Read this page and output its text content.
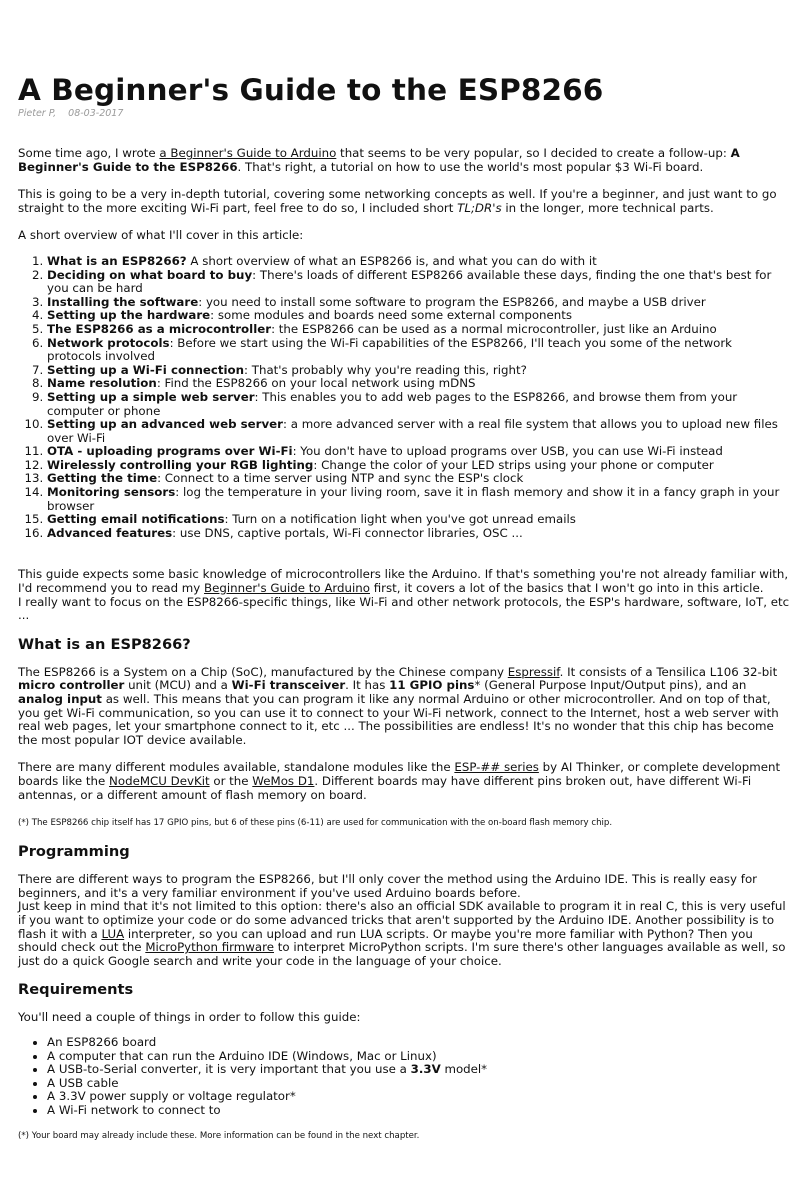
A Beginner's Guide to the ESP8266
Pieter P, 08-03-2017

Some time ago, I wrote a Beginner's Guide to Arduino that seems to be very popular, so I decided to create a follow-up: A Beginner's Guide to the ESP8266. That's right, a tutorial on how to use the world's most popular $3 Wi-Fi board.

This is going to be a very in-depth tutorial, covering some networking concepts as well. If you're a beginner, and just want to go straight to the more exciting Wi-Fi part, feel free to do so, I included short TL;DR's in the longer, more technical parts.

A short overview of what I'll cover in this article:

1. What is an ESP8266? A short overview of what an ESP8266 is, and what you can do with it
2. Deciding on what board to buy: There's loads of different ESP8266 available these days, finding the one that's best for you can be hard
3. Installing the software: you need to install some software to program the ESP8266, and maybe a USB driver
4. Setting up the hardware: some modules and boards need some external components
5. The ESP8266 as a microcontroller: the ESP8266 can be used as a normal microcontroller, just like an Arduino
6. Network protocols: Before we start using the Wi-Fi capabilities of the ESP8266, I'll teach you some of the network protocols involved
7. Setting up a Wi-Fi connection: That's probably why you're reading this, right?
8. Name resolution: Find the ESP8266 on your local network using mDNS
9. Setting up a simple web server: This enables you to add web pages to the ESP8266, and browse them from your computer or phone
10. Setting up an advanced web server: a more advanced server with a real file system that allows you to upload new files over Wi-Fi
11. OTA - uploading programs over Wi-Fi: You don't have to upload programs over USB, you can use Wi-Fi instead
12. Wirelessly controlling your RGB lighting: Change the color of your LED strips using your phone or computer
13. Getting the time: Connect to a time server using NTP and sync the ESP's clock
14. Monitoring sensors: log the temperature in your living room, save it in flash memory and show it in a fancy graph in your browser
15. Getting email notifications: Turn on a notification light when you've got unread emails
16. Advanced features: use DNS, captive portals, Wi-Fi connector libraries, OSC ...

This guide expects some basic knowledge of microcontrollers like the Arduino. If that's something you're not already familiar with, I'd recommend you to read my Beginner's Guide to Arduino first, it covers a lot of the basics that I won't go into in this article.
I really want to focus on the ESP8266-specific things, like Wi-Fi and other network protocols, the ESP's hardware, software, IoT, etc ...

What is an ESP8266?

The ESP8266 is a System on a Chip (SoC), manufactured by the Chinese company Espressif. It consists of a Tensilica L106 32-bit micro controller unit (MCU) and a Wi-Fi transceiver. It has 11 GPIO pins* (General Purpose Input/Output pins), and an analog input as well. This means that you can program it like any normal Arduino or other microcontroller. And on top of that, you get Wi-Fi communication, so you can use it to connect to your Wi-Fi network, connect to the Internet, host a web server with real web pages, let your smartphone connect to it, etc ... The possibilities are endless! It's no wonder that this chip has become the most popular IOT device available.

There are many different modules available, standalone modules like the ESP-## series by AI Thinker, or complete development boards like the NodeMCU DevKit or the WeMos D1. Different boards may have different pins broken out, have different Wi-Fi antennas, or a different amount of flash memory on board.

(*) The ESP8266 chip itself has 17 GPIO pins, but 6 of these pins (6-11) are used for communication with the on-board flash memory chip.

Programming

There are different ways to program the ESP8266, but I'll only cover the method using the Arduino IDE. This is really easy for beginners, and it's a very familiar environment if you've used Arduino boards before.
Just keep in mind that it's not limited to this option: there's also an official SDK available to program it in real C, this is very useful if you want to optimize your code or do some advanced tricks that aren't supported by the Arduino IDE. Another possibility is to flash it with a LUA interpreter, so you can upload and run LUA scripts. Or maybe you're more familiar with Python? Then you should check out the MicroPython firmware to interpret MicroPython scripts. I'm sure there's other languages available as well, so just do a quick Google search and write your code in the language of your choice.

Requirements

You'll need a couple of things in order to follow this guide:

• An ESP8266 board
• A computer that can run the Arduino IDE (Windows, Mac or Linux)
• A USB-to-Serial converter, it is very important that you use a 3.3V model*
• A USB cable
• A 3.3V power supply or voltage regulator*
• A Wi-Fi network to connect to

(*) Your board may already include these. More information can be found in the next chapter.
